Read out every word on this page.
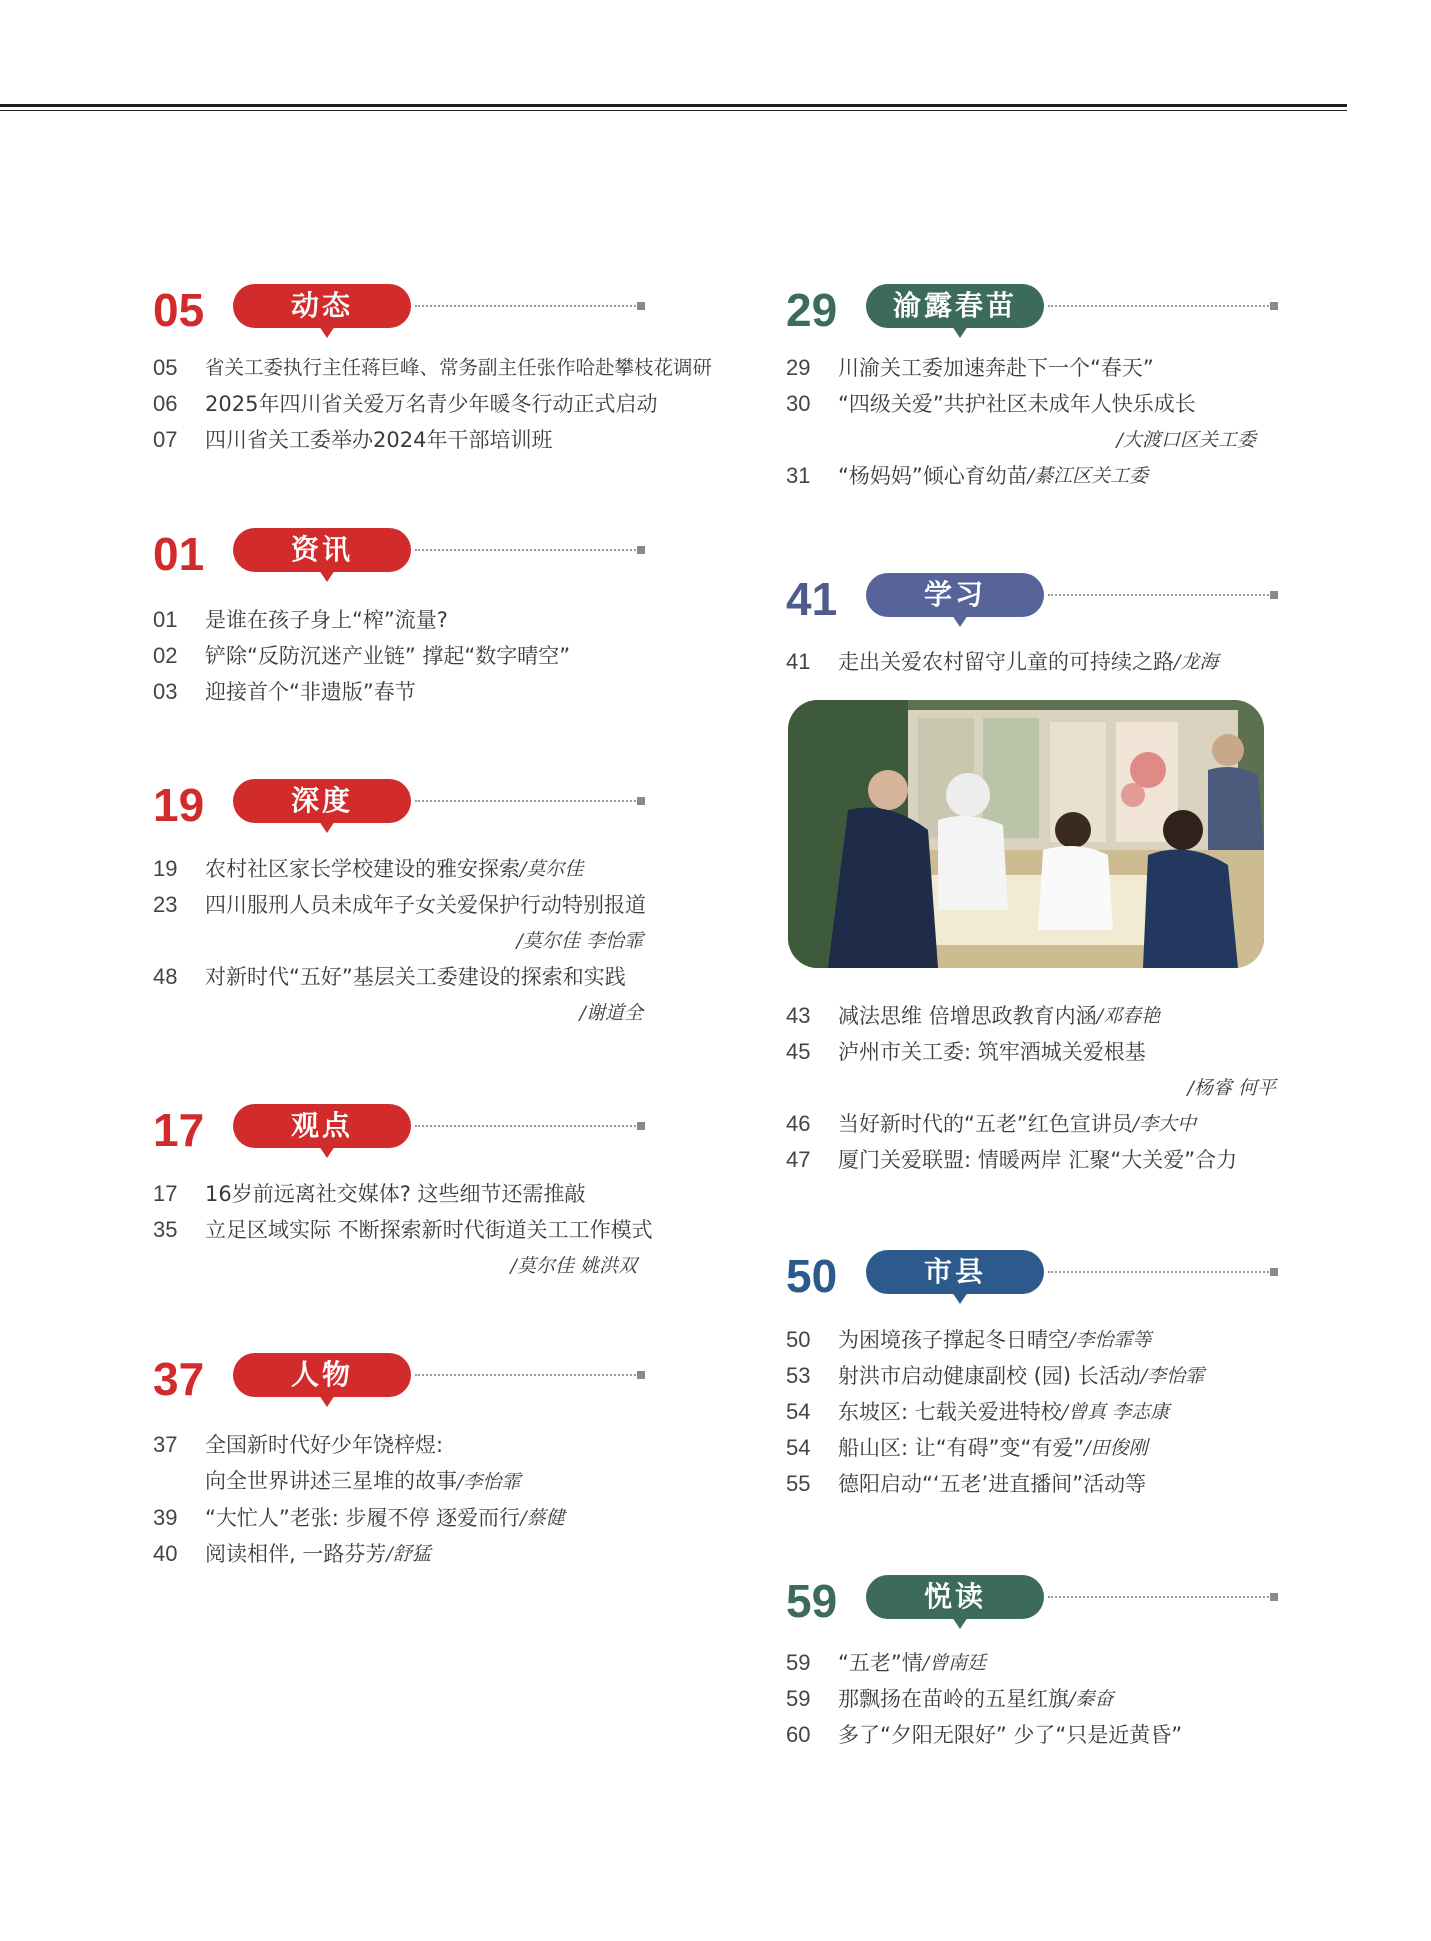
05	动态
05	省关工委执行主任蒋巨峰、常务副主任张作哈赴攀枝花调研
06	2025年四川省关爱万名青少年暖冬行动正式启动
07	四川省关工委举办2024年干部培训班
01	资讯
01	是谁在孩子身上“榨”流量?
02	铲除“反防沉迷产业链” 撑起“数字晴空”
03	迎接首个“非遗版”春节
19	深度
19	农村社区家长学校建设的雅安探索 /莫尔佳
23	四川服刑人员未成年子女关爱保护行动特别报道
/莫尔佳 李怡霏
48	对新时代“五好”基层关工委建设的探索和实践
/谢道全
17	观点
17	16岁前远离社交媒体? 这些细节还需推敲
35	立足区域实际 不断探索新时代街道关工工作模式
/莫尔佳 姚洪双
37	人物
37	全国新时代好少年饶梓煜:
向全世界讲述三星堆的故事/李怡霏
39	“大忙人”老张: 步履不停 逐爱而行 /蔡健
40	阅读相伴, 一路芬芳 /舒猛
29	渝露春苗
29	川渝关工委加速奔赴下一个“春天”
30	“四级关爱”共护社区未成年人快乐成长
/大渡口区关工委
31	“杨妈妈”倾心育幼苗 /綦江区关工委
41	学习
41	走出关爱农村留守儿童的可持续之路 /龙海
43	减法思维 倍增思政教育内涵 /邓春艳
45	泸州市关工委: 筑牢酒城关爱根基
/杨睿 何平
46	当好新时代的“五老”红色宣讲员 /李大中
47	厦门关爱联盟: 情暖两岸 汇聚“大关爱”合力
50	市县
50	为困境孩子撑起冬日晴空 /李怡霏等
53	射洪市启动健康副校 (园) 长活动 /李怡霏
54	东坡区: 七载关爱进特校 /曾真 李志康
54	船山区: 让“有碍”变“有爱” /田俊刚
55	德阳启动“‘五老’进直播间”活动等
59	悦读
59	“五老”情 /曾南廷
59	那飘扬在苗岭的五星红旗 /秦奋
60	多了“夕阳无限好” 少了“只是近黄昏”
